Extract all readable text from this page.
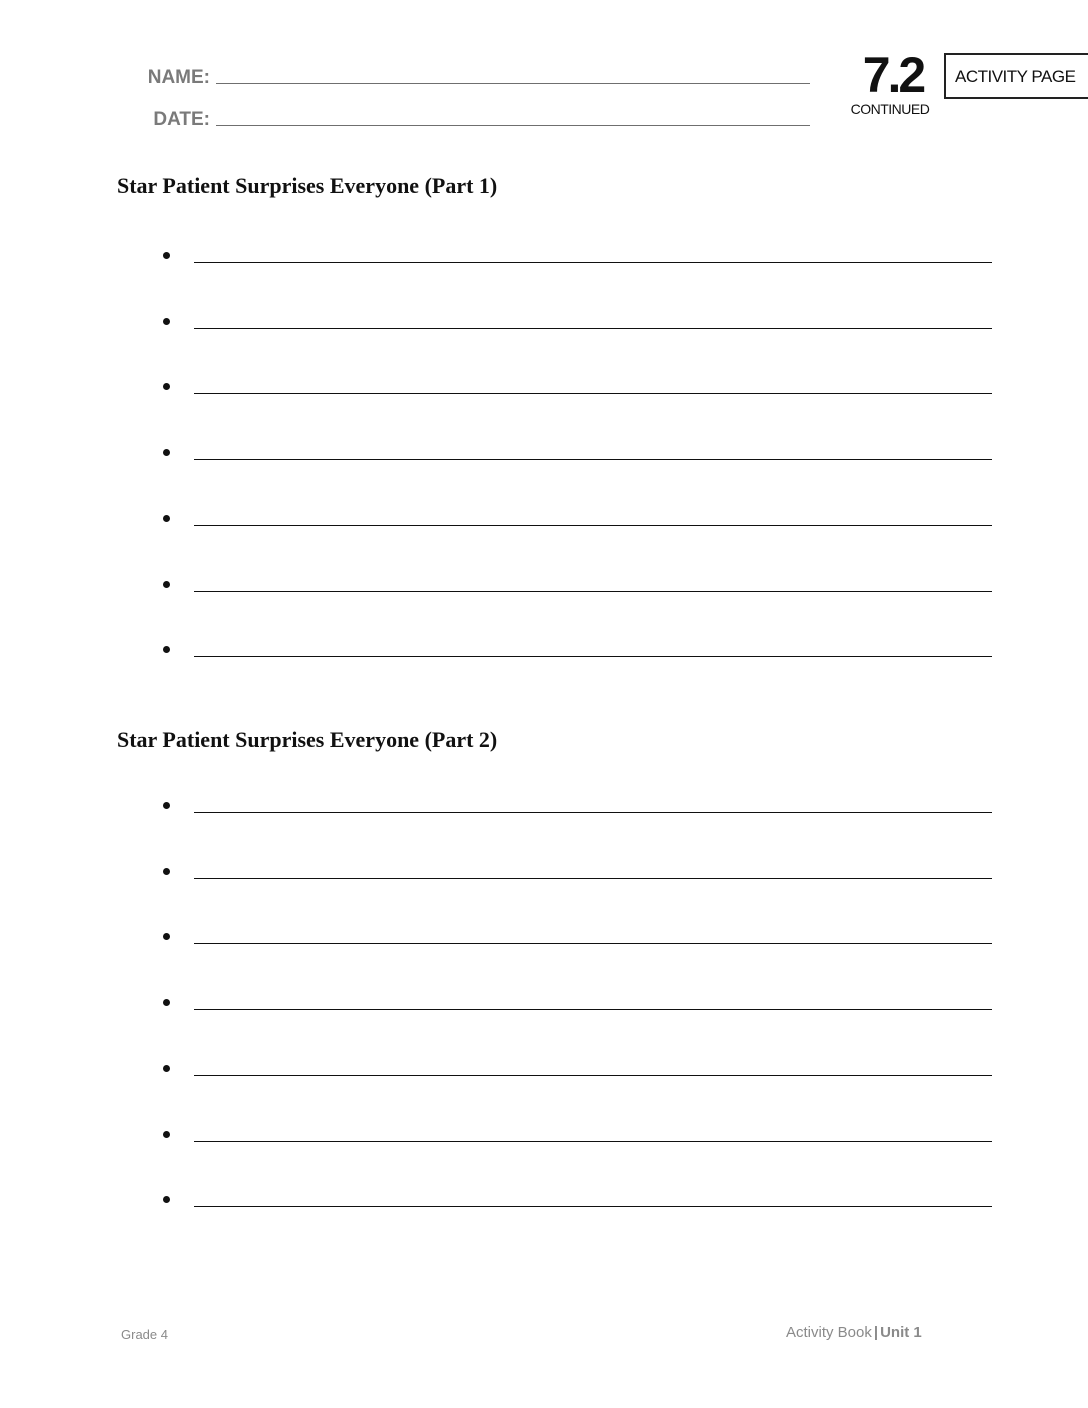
NAME:
DATE:
7.2
CONTINUED
ACTIVITY PAGE
Star Patient Surprises Everyone (Part 1)
Star Patient Surprises Everyone (Part 2)
Grade 4	Activity Book | Unit 1
